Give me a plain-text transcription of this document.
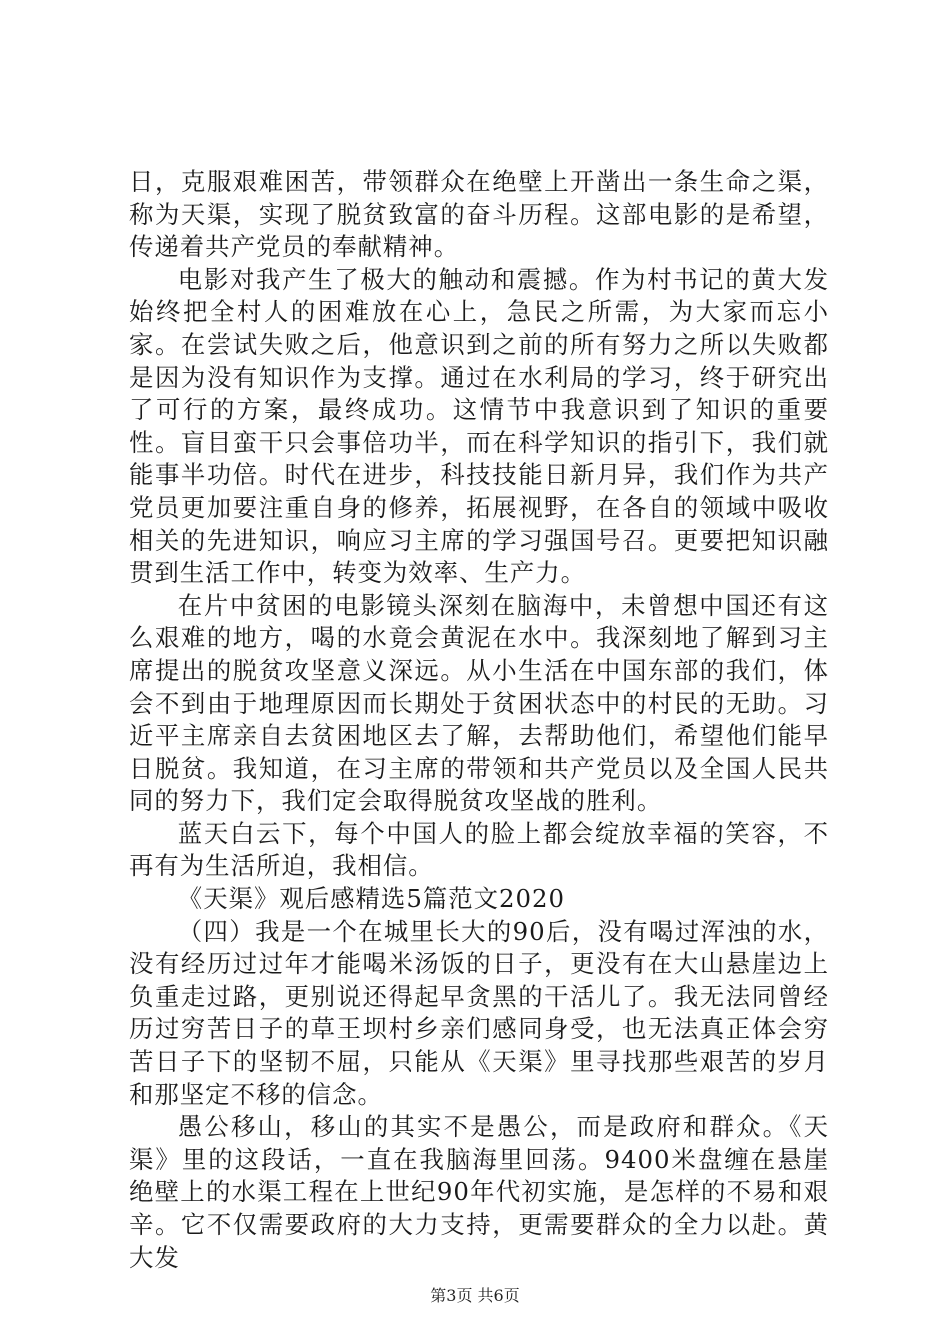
日，克服艰难困苦，带领群众在绝壁上开凿出一条生命之渠，称为天渠，实现了脱贫致富的奋斗历程。这部电影的是希望，传递着共产党员的奉献精神。

电影对我产生了极大的触动和震撼。作为村书记的黄大发始终把全村人的困难放在心上，急民之所需，为大家而忘小家。在尝试失败之后，他意识到之前的所有努力之所以失败都是因为没有知识作为支撑。通过在水利局的学习，终于研究出了可行的方案，最终成功。这情节中我意识到了知识的重要性。盲目蛮干只会事倍功半，而在科学知识的指引下，我们就能事半功倍。时代在进步，科技技能日新月异，我们作为共产党员更加要注重自身的修养，拓展视野，在各自的领域中吸收相关的先进知识，响应习主席的学习强国号召。更要把知识融贯到生活工作中，转变为效率、生产力。

在片中贫困的电影镜头深刻在脑海中，未曾想中国还有这么艰难的地方，喝的水竟会黄泥在水中。我深刻地了解到习主席提出的脱贫攻坚意义深远。从小生活在中国东部的我们，体会不到由于地理原因而长期处于贫困状态中的村民的无助。习近平主席亲自去贫困地区去了解，去帮助他们，希望他们能早日脱贫。我知道，在习主席的带领和共产党员以及全国人民共同的努力下，我们定会取得脱贫攻坚战的胜利。

蓝天白云下，每个中国人的脸上都会绽放幸福的笑容，不再有为生活所迫，我相信。

《天渠》观后感精选5篇范文2020

（四）我是一个在城里长大的90后，没有喝过浑浊的水，没有经历过过年才能喝米汤饭的日子，更没有在大山悬崖边上负重走过路，更别说还得起早贪黑的干活儿了。我无法同曾经历过穷苦日子的草王坝村乡亲们感同身受，也无法真正体会穷苦日子下的坚韧不屈，只能从《天渠》里寻找那些艰苦的岁月和那坚定不移的信念。

愚公移山，移山的其实不是愚公，而是政府和群众。《天渠》里的这段话，一直在我脑海里回荡。9400米盘缠在悬崖绝壁上的水渠工程在上世纪90年代初实施，是怎样的不易和艰辛。它不仅需要政府的大力支持，更需要群众的全力以赴。黄大发

第3页 共6页
